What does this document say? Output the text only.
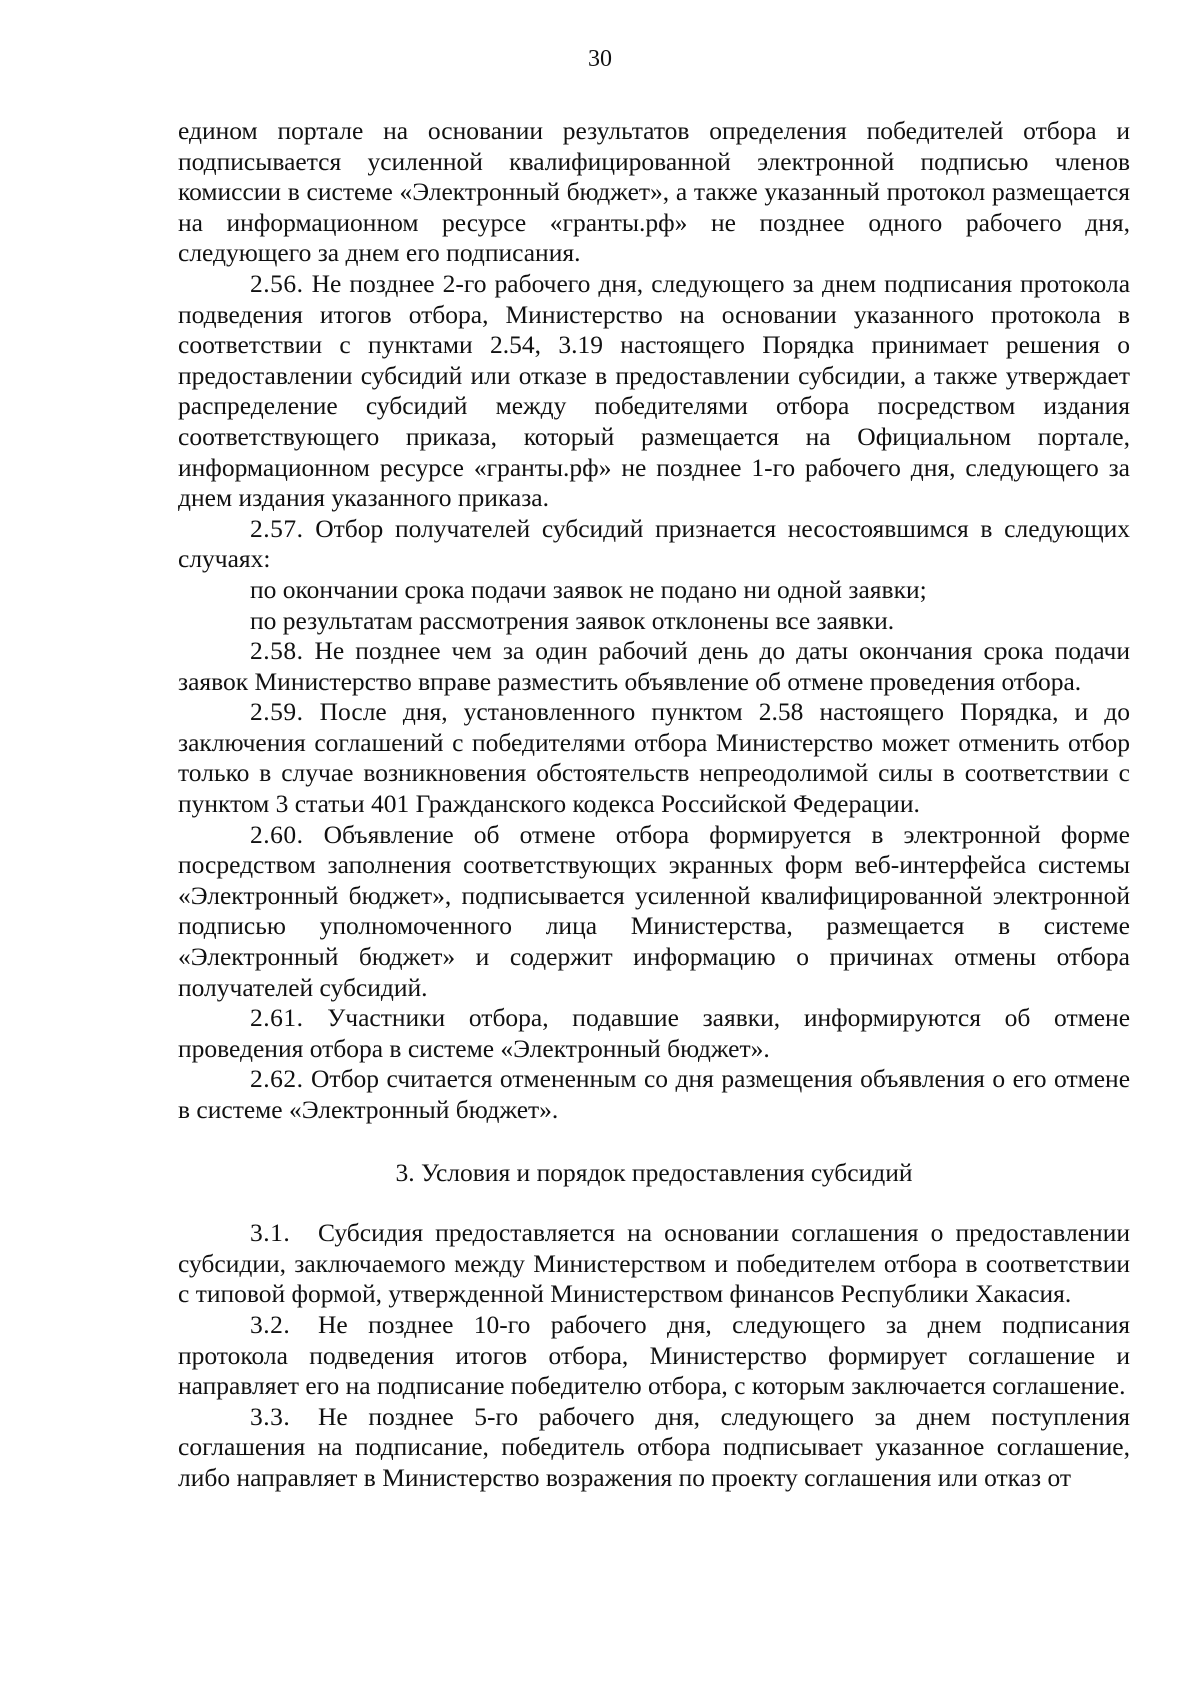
30

едином портале на основании результатов определения победителей отбора и подписывается усиленной квалифицированной электронной подписью членов комиссии в системе «Электронный бюджет», а также указанный протокол размещается на информационном ресурсе «гранты.рф» не позднее одного рабочего дня, следующего за днем его подписания.

2.56. Не позднее 2-го рабочего дня, следующего за днем подписания протокола подведения итогов отбора, Министерство на основании указанного протокола в соответствии с пунктами 2.54, 3.19 настоящего Порядка принимает решения о предоставлении субсидий или отказе в предоставлении субсидии, а также утверждает распределение субсидий между победителями отбора посредством издания соответствующего приказа, который размещается на Официальном портале, информационном ресурсе «гранты.рф» не позднее 1-го рабочего дня, следующего за днем издания указанного приказа.

2.57. Отбор получателей субсидий признается несостоявшимся в следующих случаях:

по окончании срока подачи заявок не подано ни одной заявки;

по результатам рассмотрения заявок отклонены все заявки.

2.58. Не позднее чем за один рабочий день до даты окончания срока подачи заявок Министерство вправе разместить объявление об отмене проведения отбора.

2.59. После дня, установленного пунктом 2.58 настоящего Порядка, и до заключения соглашений с победителями отбора Министерство может отменить отбор только в случае возникновения обстоятельств непреодолимой силы в соответствии с пунктом 3 статьи 401 Гражданского кодекса Российской Федерации.

2.60. Объявление об отмене отбора формируется в электронной форме посредством заполнения соответствующих экранных форм веб-интерфейса системы «Электронный бюджет», подписывается усиленной квалифицированной электронной подписью уполномоченного лица Министерства, размещается в системе «Электронный бюджет» и содержит информацию о причинах отмены отбора получателей субсидий.

2.61. Участники отбора, подавшие заявки, информируются об отмене проведения отбора в системе «Электронный бюджет».

2.62. Отбор считается отмененным со дня размещения объявления о его отмене в системе «Электронный бюджет».

3. Условия и порядок предоставления субсидий

3.1. Субсидия предоставляется на основании соглашения о предоставлении субсидии, заключаемого между Министерством и победителем отбора в соответствии с типовой формой, утвержденной Министерством финансов Республики Хакасия.

3.2. Не позднее 10-го рабочего дня, следующего за днем подписания протокола подведения итогов отбора, Министерство формирует соглашение и направляет его на подписание победителю отбора, с которым заключается соглашение.

3.3. Не позднее 5-го рабочего дня, следующего за днем поступления соглашения на подписание, победитель отбора подписывает указанное соглашение, либо направляет в Министерство возражения по проекту соглашения или отказ от
